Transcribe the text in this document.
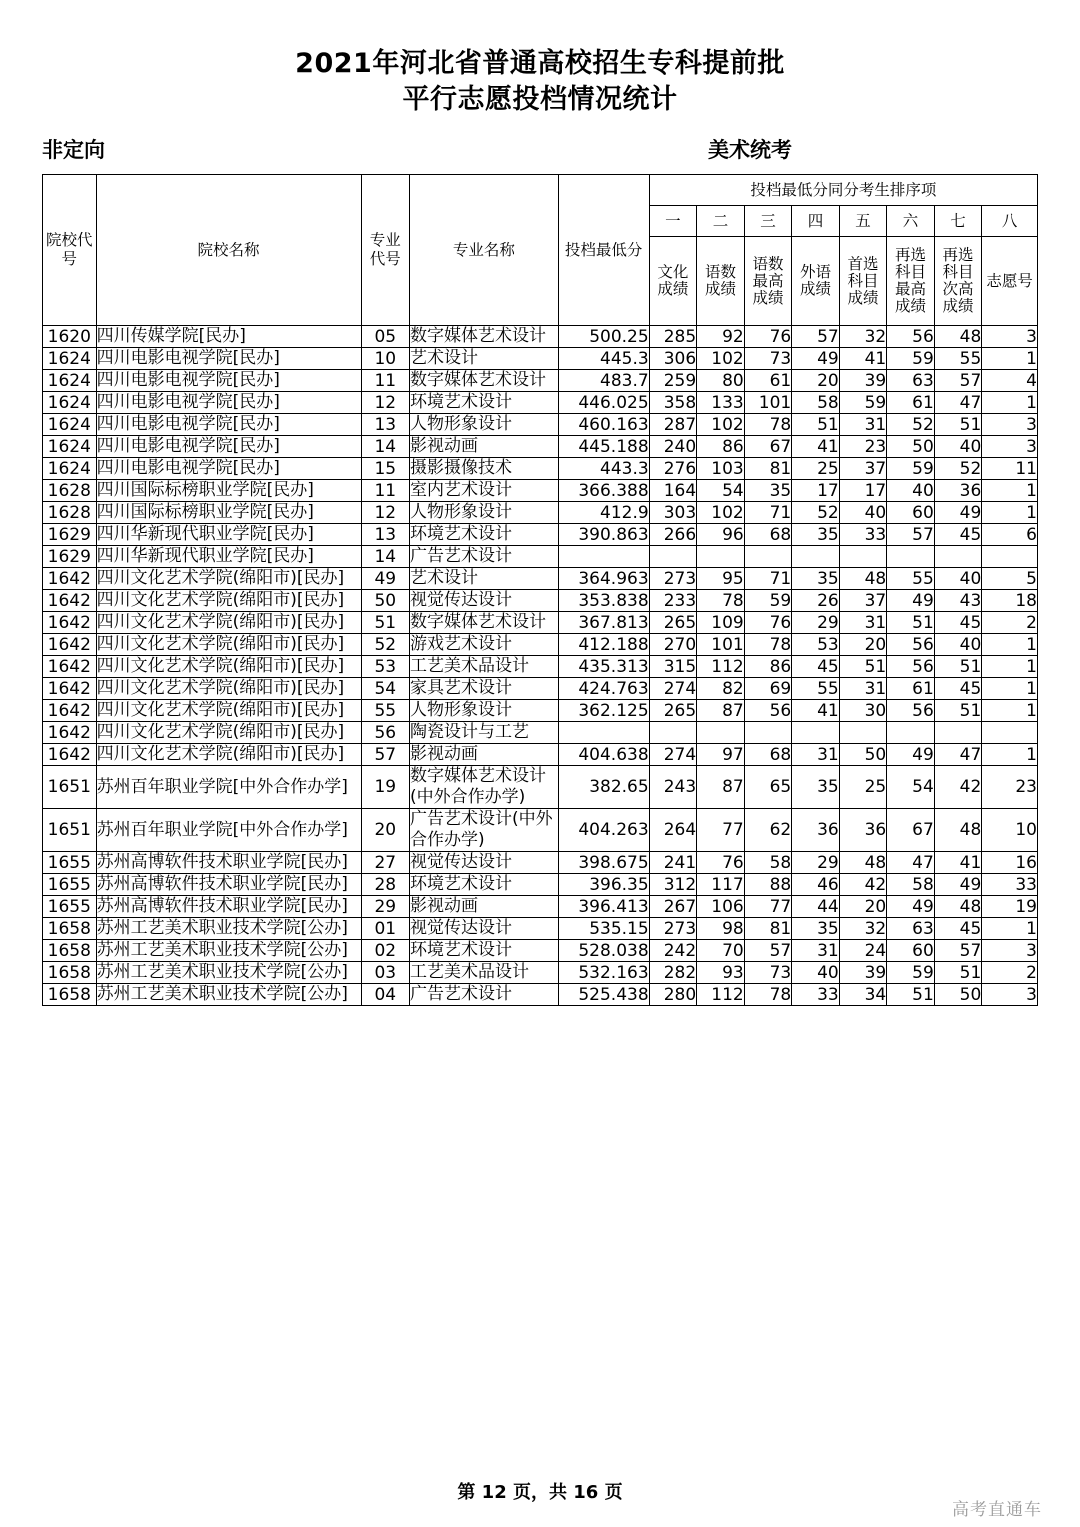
2021年河北省普通高校招生专科提前批
平行志愿投档情况统计
非定向	美术统考
院校代号	院校名称	专业代号	专业名称	投档最低分	投档最低分同分考生排序项							
					一	二	三	四	五	六	七	八
					文化成绩	语数成绩	语数最高成绩	外语成绩	首选科目成绩	再选科目最高成绩	再选科目次高成绩	志愿号
1620	四川传媒学院[民办]	05	数字媒体艺术设计	500.25	285	92	76	57	32	56	48	3
1624	四川电影电视学院[民办]	10	艺术设计	445.3	306	102	73	49	41	59	55	1
1624	四川电影电视学院[民办]	11	数字媒体艺术设计	483.7	259	80	61	20	39	63	57	4
1624	四川电影电视学院[民办]	12	环境艺术设计	446.025	358	133	101	58	59	61	47	1
1624	四川电影电视学院[民办]	13	人物形象设计	460.163	287	102	78	51	31	52	51	3
1624	四川电影电视学院[民办]	14	影视动画	445.188	240	86	67	41	23	50	40	3
1624	四川电影电视学院[民办]	15	摄影摄像技术	443.3	276	103	81	25	37	59	52	11
1628	四川国际标榜职业学院[民办]	11	室内艺术设计	366.388	164	54	35	17	17	40	36	1
1628	四川国际标榜职业学院[民办]	12	人物形象设计	412.9	303	102	71	52	40	60	49	1
1629	四川华新现代职业学院[民办]	13	环境艺术设计	390.863	266	96	68	35	33	57	45	6
1629	四川华新现代职业学院[民办]	14	广告艺术设计									
1642	四川文化艺术学院(绵阳市)[民办]	49	艺术设计	364.963	273	95	71	35	48	55	40	5
1642	四川文化艺术学院(绵阳市)[民办]	50	视觉传达设计	353.838	233	78	59	26	37	49	43	18
1642	四川文化艺术学院(绵阳市)[民办]	51	数字媒体艺术设计	367.813	265	109	76	29	31	51	45	2
1642	四川文化艺术学院(绵阳市)[民办]	52	游戏艺术设计	412.188	270	101	78	53	20	56	40	1
1642	四川文化艺术学院(绵阳市)[民办]	53	工艺美术品设计	435.313	315	112	86	45	51	56	51	1
1642	四川文化艺术学院(绵阳市)[民办]	54	家具艺术设计	424.763	274	82	69	55	31	61	45	1
1642	四川文化艺术学院(绵阳市)[民办]	55	人物形象设计	362.125	265	87	56	41	30	56	51	1
1642	四川文化艺术学院(绵阳市)[民办]	56	陶瓷设计与工艺									
1642	四川文化艺术学院(绵阳市)[民办]	57	影视动画	404.638	274	97	68	31	50	49	47	1
1651	苏州百年职业学院[中外合作办学]	19	数字媒体艺术设计(中外合作办学)	382.65	243	87	65	35	25	54	42	23
1651	苏州百年职业学院[中外合作办学]	20	广告艺术设计(中外合作办学)	404.263	264	77	62	36	36	67	48	10
1655	苏州高博软件技术职业学院[民办]	27	视觉传达设计	398.675	241	76	58	29	48	47	41	16
1655	苏州高博软件技术职业学院[民办]	28	环境艺术设计	396.35	312	117	88	46	42	58	49	33
1655	苏州高博软件技术职业学院[民办]	29	影视动画	396.413	267	106	77	44	20	49	48	19
1658	苏州工艺美术职业技术学院[公办]	01	视觉传达设计	535.15	273	98	81	35	32	63	45	1
1658	苏州工艺美术职业技术学院[公办]	02	环境艺术设计	528.038	242	70	57	31	24	60	57	3
1658	苏州工艺美术职业技术学院[公办]	03	工艺美术品设计	532.163	282	93	73	40	39	59	51	2
1658	苏州工艺美术职业技术学院[公办]	04	广告艺术设计	525.438	280	112	78	33	34	51	50	3
第 12 页，共 16 页
高考直通车
